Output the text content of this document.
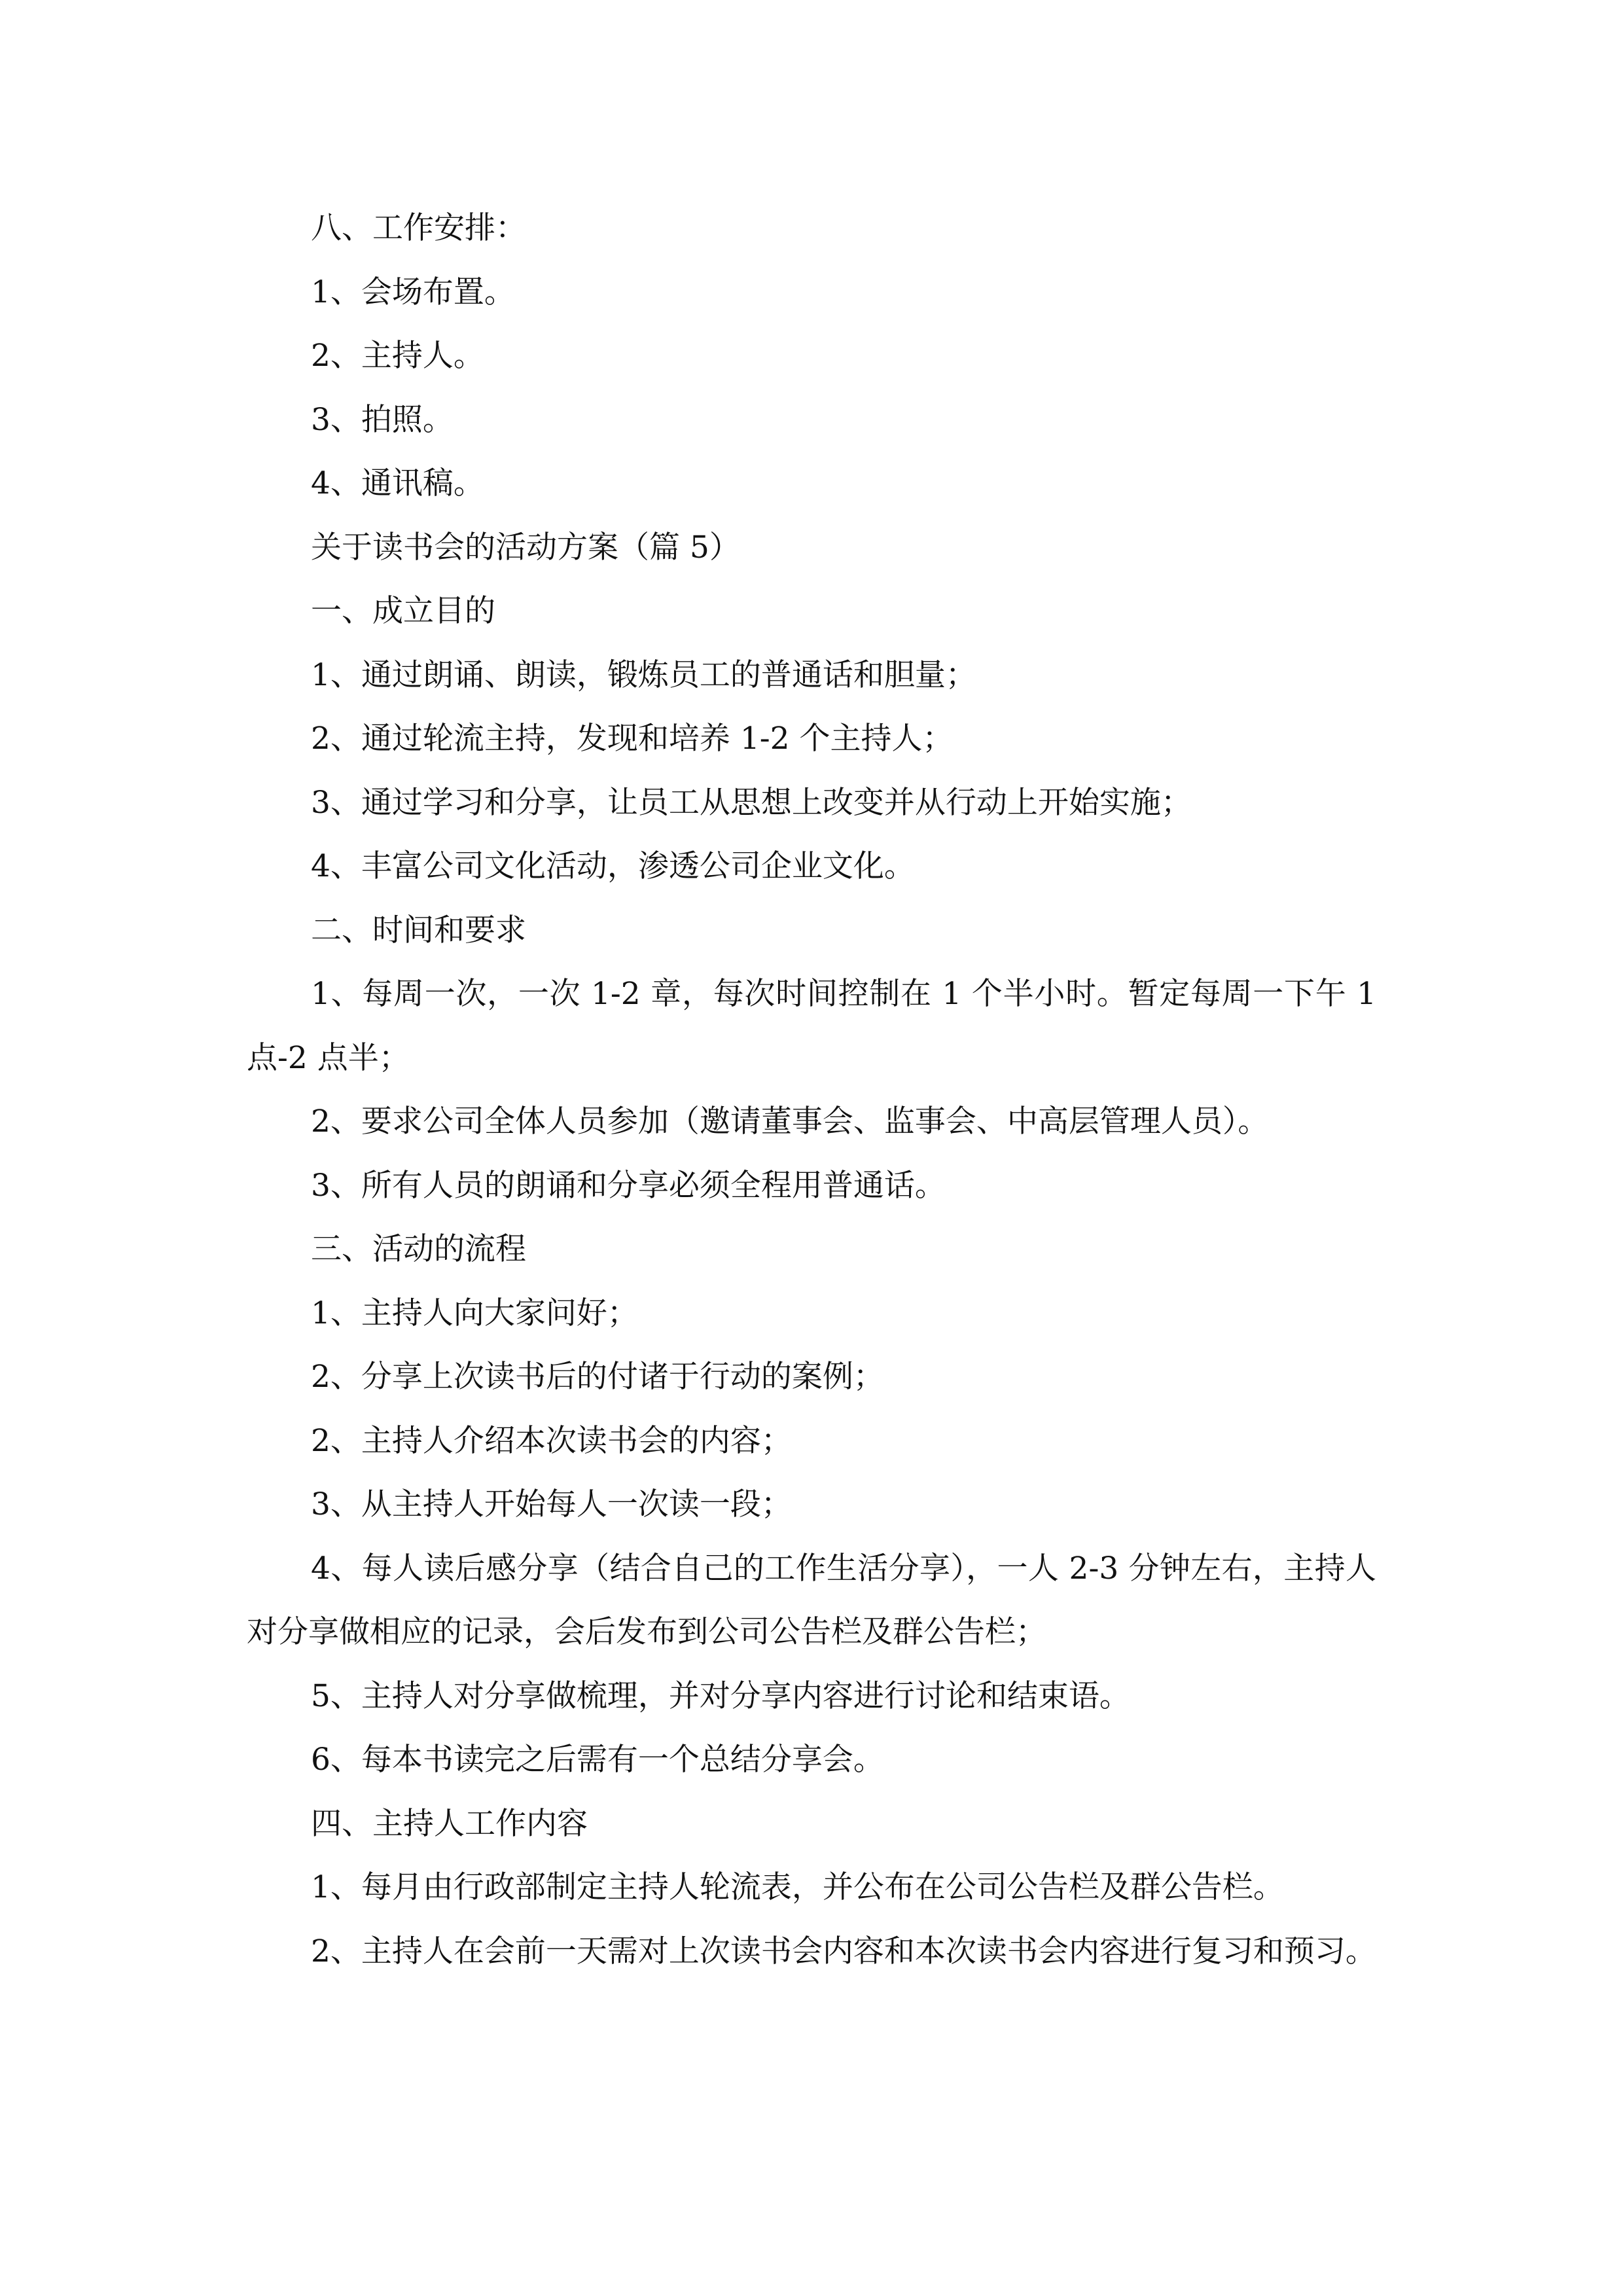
八、工作安排：

1、会场布置。

2、主持人。

3、拍照。

4、通讯稿。

关于读书会的活动方案（篇 5）

一、成立目的

1、通过朗诵、朗读，锻炼员工的普通话和胆量；

2、通过轮流主持，发现和培养 1-2 个主持人；

3、通过学习和分享，让员工从思想上改变并从行动上开始实施；

4、丰富公司文化活动，渗透公司企业文化。

二、时间和要求

1、每周一次，一次 1-2 章，每次时间控制在 1 个半小时。暂定每周一下午 1 点-2 点半；

2、要求公司全体人员参加（邀请董事会、监事会、中高层管理人员）。

3、所有人员的朗诵和分享必须全程用普通话。

三、活动的流程

1、主持人向大家问好；

2、分享上次读书后的付诸于行动的案例；

2、主持人介绍本次读书会的内容；

3、从主持人开始每人一次读一段；

4、每人读后感分享（结合自己的工作生活分享），一人 2-3 分钟左右，主持人对分享做相应的记录，会后发布到公司公告栏及群公告栏；

5、主持人对分享做梳理，并对分享内容进行讨论和结束语。

6、每本书读完之后需有一个总结分享会。

四、主持人工作内容

1、每月由行政部制定主持人轮流表，并公布在公司公告栏及群公告栏。

2、主持人在会前一天需对上次读书会内容和本次读书会内容进行复习和预习。
